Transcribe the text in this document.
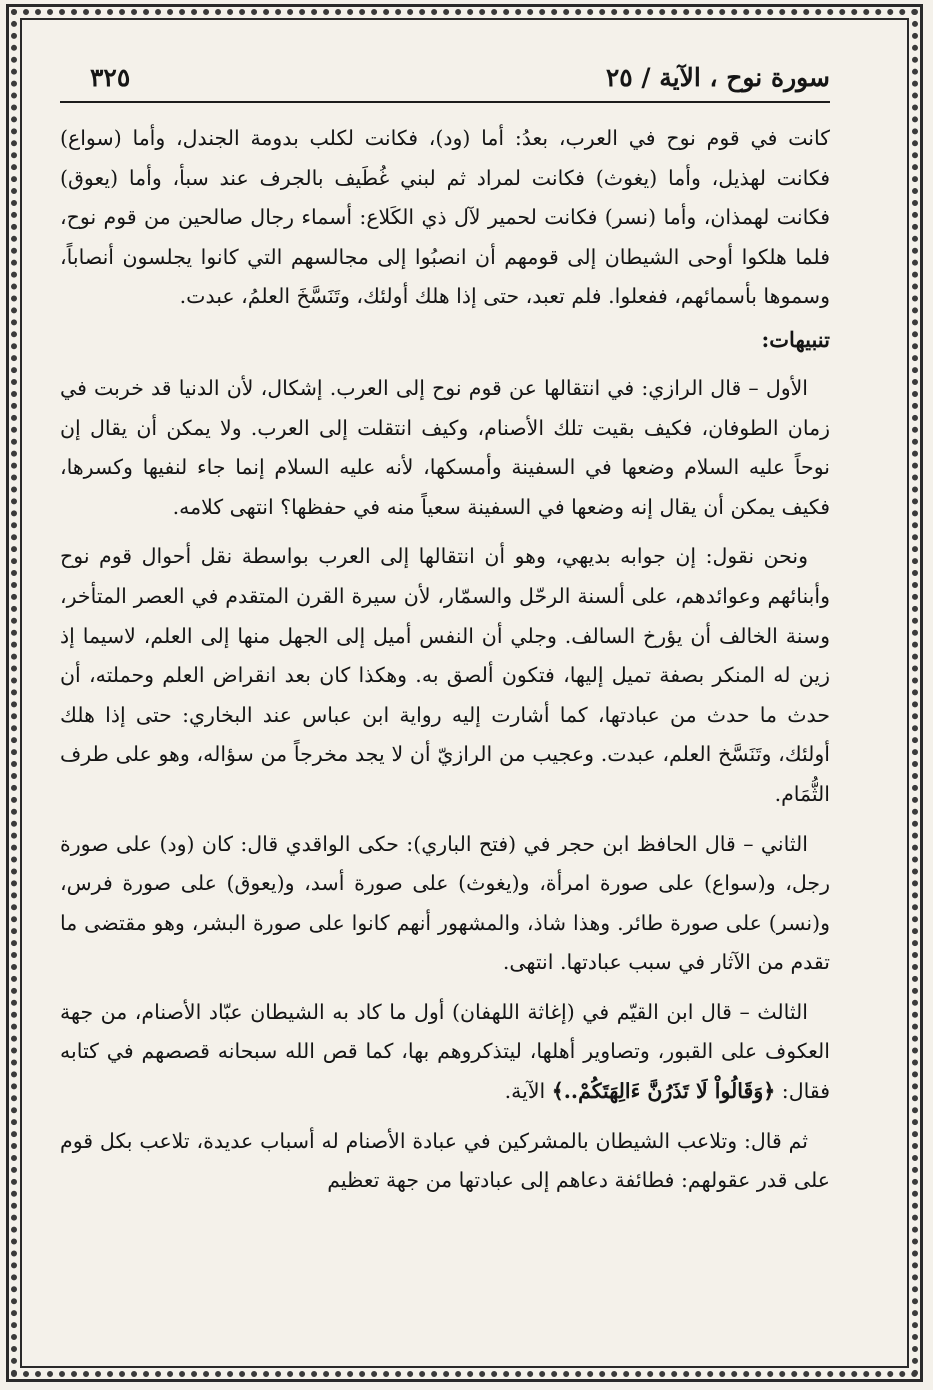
سورة نوح ، الآية / ٢٥
٣٢٥

كانت في قوم نوح في العرب، بعدُ: أما (ود)، فكانت لكلب بدومة الجندل، وأما (سواع) فكانت لهذيل، وأما (يغوث) فكانت لمراد ثم لبني غُطَيف بالجرف عند سبأ، وأما (يعوق) فكانت لهمذان، وأما (نسر) فكانت لحمير لآل ذي الكَلاع: أسماء رجال صالحين من قوم نوح، فلما هلكوا أوحى الشيطان إلى قومهم أن انصبُوا إلى مجالسهم التي كانوا يجلسون أنصاباً، وسموها بأسمائهم، ففعلوا. فلم تعبد، حتى إذا هلك أولئك، وتَنَسَّخَ العلمُ، عبدت.

تنبيهات:

الأول – قال الرازي: في انتقالها عن قوم نوح إلى العرب. إشكال، لأن الدنيا قد خربت في زمان الطوفان، فكيف بقيت تلك الأصنام، وكيف انتقلت إلى العرب. ولا يمكن أن يقال إن نوحاً عليه السلام وضعها في السفينة وأمسكها، لأنه عليه السلام إنما جاء لنفيها وكسرها، فكيف يمكن أن يقال إنه وضعها في السفينة سعياً منه في حفظها؟ انتهى كلامه.

ونحن نقول: إن جوابه بديهي، وهو أن انتقالها إلى العرب بواسطة نقل أحوال قوم نوح وأبنائهم وعوائدهم، على ألسنة الرحّل والسمّار، لأن سيرة القرن المتقدم في العصر المتأخر، وسنة الخالف أن يؤرخ السالف. وجلي أن النفس أميل إلى الجهل منها إلى العلم، لاسيما إذ زين له المنكر بصفة تميل إليها، فتكون ألصق به. وهكذا كان بعد انقراض العلم وحملته، أن حدث ما حدث من عبادتها، كما أشارت إليه رواية ابن عباس عند البخاري: حتى إذا هلك أولئك، وتَنَسَّخ العلم، عبدت. وعجيب من الرازيّ أن لا يجد مخرجاً من سؤاله، وهو على طرف الثُّمَام.

الثاني – قال الحافظ ابن حجر في (فتح الباري): حكى الواقدي قال: كان (ود) على صورة رجل، و(سواع) على صورة امرأة، و(يغوث) على صورة أسد، و(يعوق) على صورة فرس، و(نسر) على صورة طائر. وهذا شاذ، والمشهور أنهم كانوا على صورة البشر، وهو مقتضى ما تقدم من الآثار في سبب عبادتها. انتهى.

الثالث – قال ابن القيّم في (إغاثة اللهفان) أول ما كاد به الشيطان عبّاد الأصنام، من جهة العكوف على القبور، وتصاوير أهلها، ليتذكروهم بها، كما قص الله سبحانه قصصهم في كتابه فقال: ﴿وَقَالُواْ لَا تَذَرُنَّ ءَالِهَتَكُمْ..﴾ الآية.

ثم قال: وتلاعب الشيطان بالمشركين في عبادة الأصنام له أسباب عديدة، تلاعب بكل قوم على قدر عقولهم: فطائفة دعاهم إلى عبادتها من جهة تعظيم
